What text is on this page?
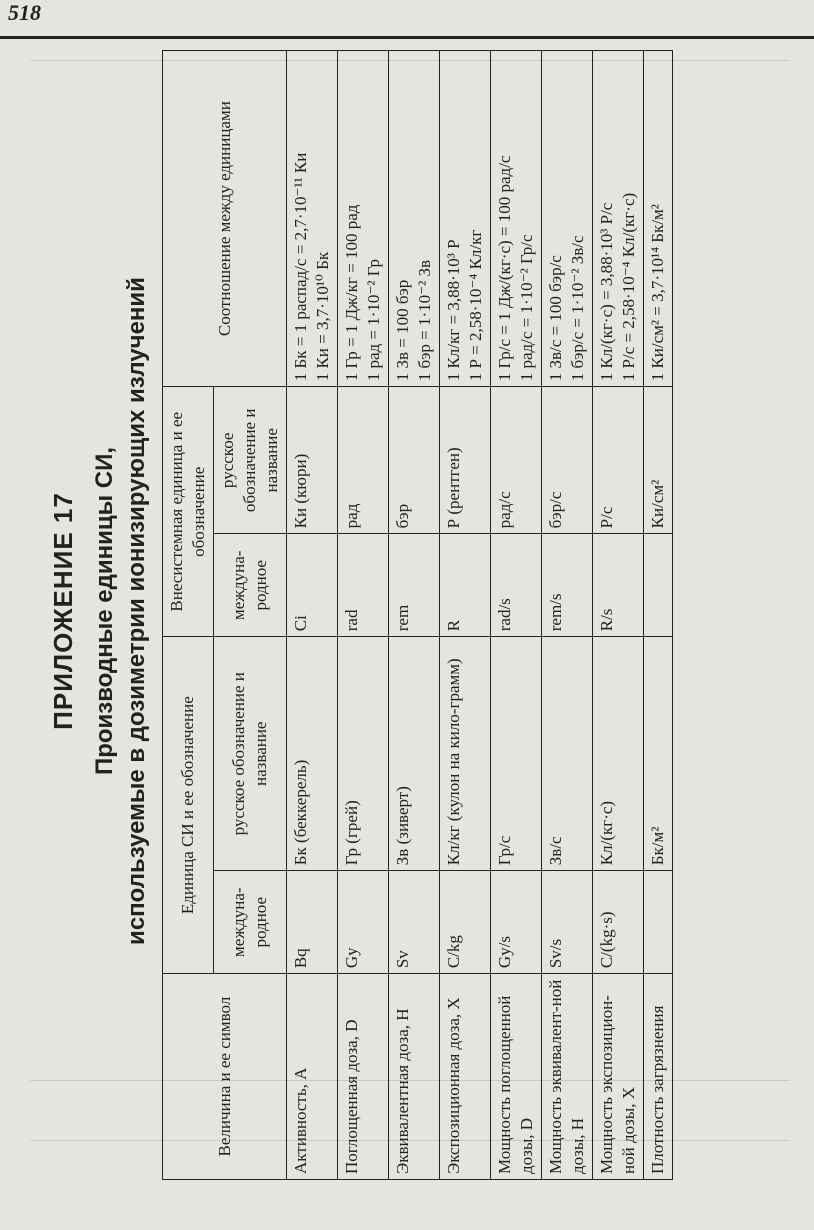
518
ПРИЛОЖЕНИЕ 17 Производные единицы СИ, используемые в дозиметрии ионизирующих излучений
Величина и ее символ	Единица СИ и ее обозначение		Внесистемная единица и ее обозначение		Соотношение между единицами
	междуна-родное	русское обозначение и название	междуна-родное	русское обозначение и название	
Активность, A	Bq	Бк (беккерель)	Ci	Ки (кюри)	1 Бк = 1 распад/с = 2,7·10⁻¹¹ Ки 1 Ки = 3,7·10¹⁰ Бк

Поглощенная доза, D	Gy	Гр (грей)	rad	рад	1 Гр = 1 Дж/кг = 100 рад 1 рад = 1·10⁻² Гр

Эквивалентная доза, H	Sv	Зв (зиверт)	rem	бэр	1 Зв = 100 бэр 1 бэр = 1·10⁻² Зв

Экспозиционная доза, X	C/kg	Кл/кг (кулон на кило-грамм)	R	Р (рентген)	1 Кл/кг = 3,88·10³ Р 1 Р = 2,58·10⁻⁴ Кл/кг

Мощность поглощенной дозы, D	Gy/s	Гр/с	rad/s	рад/с	1 Гр/с = 1 Дж/(кг·с) = 100 рад/с 1 рад/с = 1·10⁻² Гр/с

Мощность эквивалент-ной дозы, H	Sv/s	Зв/с	rem/s	бэр/с	1 Зв/с = 100 бэр/с 1 бэр/с = 1·10⁻² Зв/с

Мощность экспозицион-ной дозы, X	C/(kg·s)	Кл/(кг·с)	R/s	Р/с	1 Кл/(кг·с) = 3,88·10³ Р/с 1 Р/с = 2,58·10⁻⁴ Кл/(кг·с)

Плотность загрязнения		Бк/м²		Ки/см²	1 Ки/см² = 3,7·10¹⁴ Бк/м²
